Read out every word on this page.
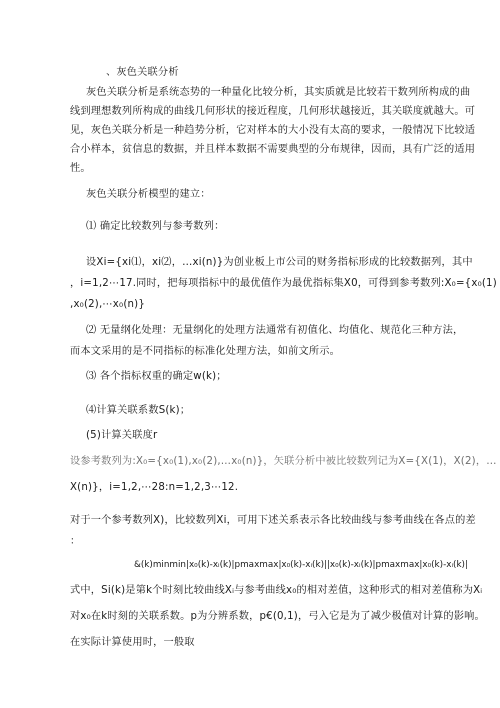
、灰色关联分析
灰色关联分析是系统态势的一种量化比较分析，其实质就是比较若干数列所构成的曲
线到理想数列所构成的曲线几何形状的接近程度，几何形状越接近，其关联度就越大。可
见，灰色关联分析是一种趋势分析，它对样本的大小没有太高的要求，一般情况下比较适
合小样本，贫信息的数据，并且样本数据不需要典型的分布规律，因而，具有广泛的适用
性。
灰色关联分析模型的建立：
⑴ 确定比较数列与参考数列：
设Xi={xi⑴，xi⑵，…xi(n)}为创业板上市公司的财务指标形成的比较数据列，其中
，i=1,2⋯17.同时，把每项指标中的最优值作为最优指标集X0，可得到参考数列:X₀={x₀(1)
,x₀(2),⋯x₀(n)}
⑵ 无量纲化处理：无量纲化的处理方法通常有初值化、均值化、规范化三种方法，
而本文采用的是不同指标的标准化处理方法，如前文所示。
⑶ 各个指标权重的确定w(k)；
⑷计算关联系数S(k)；
(5)计算关联度r
设参考数列为:X₀={x₀(1),x₀(2),…x₀(n)}，矢联分析中被比较数列记为X={X(1)，X(2)，…
X(n)}，i=1,2,⋯28:n=1,2,3⋯12.
对于一个参考数列X)，比较数列Xi，可用下述关系表示各比较曲线与参考曲线在各点的差
：
&(k)minmin|x₀(k)-xᵢ(k)|pmaxmax|x₀(k)-xᵢ(k)||x₀(k)-xᵢ(k)|pmaxmax|x₀(k)-xᵢ(k)|
式中，Si(k)是第k个时刻比较曲线Xᵢ与参考曲线x₀的相对差值，这种形式的相对差值称为Xᵢ
对x₀在k时刻的关联系数。p为分辨系数，p€(0,1)，弓入它是为了减少极值对计算的影响。
在实际计算使用时，一般取
